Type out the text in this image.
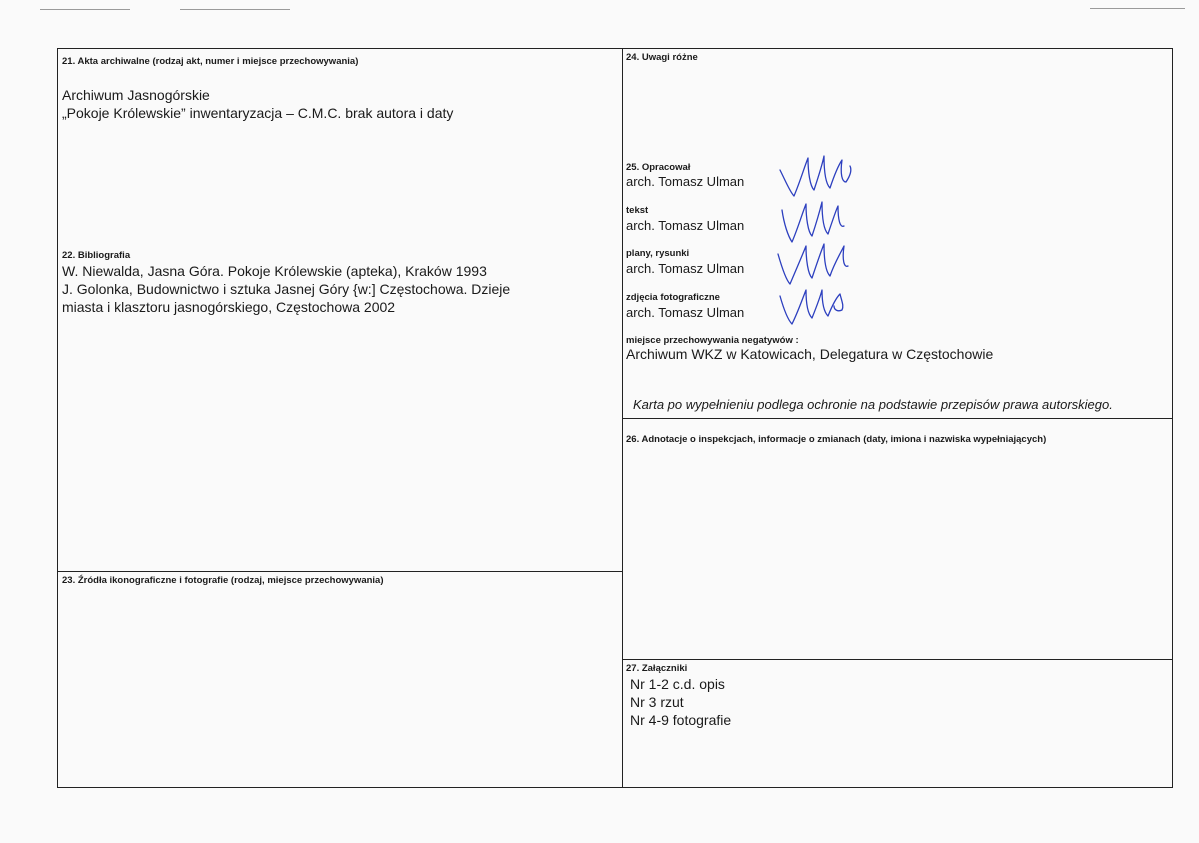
21. Akta archiwalne (rodzaj akt, numer i miejsce przechowywania)
Archiwum Jasnogórskie
„Pokoje Królewskie” inwentaryzacja – C.M.C. brak autora i daty
22. Bibliografia
W. Niewalda, Jasna Góra. Pokoje Królewskie (apteka), Kraków 1993
J. Golonka, Budownictwo i sztuka Jasnej Góry {w:] Częstochowa. Dzieje
miasta i klasztoru jasnogórskiego, Częstochowa 2002
23. Źródła ikonograficzne i fotografie (rodzaj, miejsce przechowywania)
24. Uwagi różne
25. Opracował
arch. Tomasz Ulman
tekst
arch. Tomasz Ulman
plany, rysunki
arch. Tomasz Ulman
zdjęcia fotograficzne
arch. Tomasz Ulman
miejsce przechowywania negatywów :
Archiwum WKZ w Katowicach, Delegatura w Częstochowie
Karta po wypełnieniu podlega ochronie na podstawie przepisów prawa autorskiego.
26. Adnotacje o inspekcjach, informacje o zmianach (daty, imiona i nazwiska wypełniających)
27. Załączniki
Nr 1-2 c.d. opis
Nr 3 rzut
Nr 4-9 fotografie
